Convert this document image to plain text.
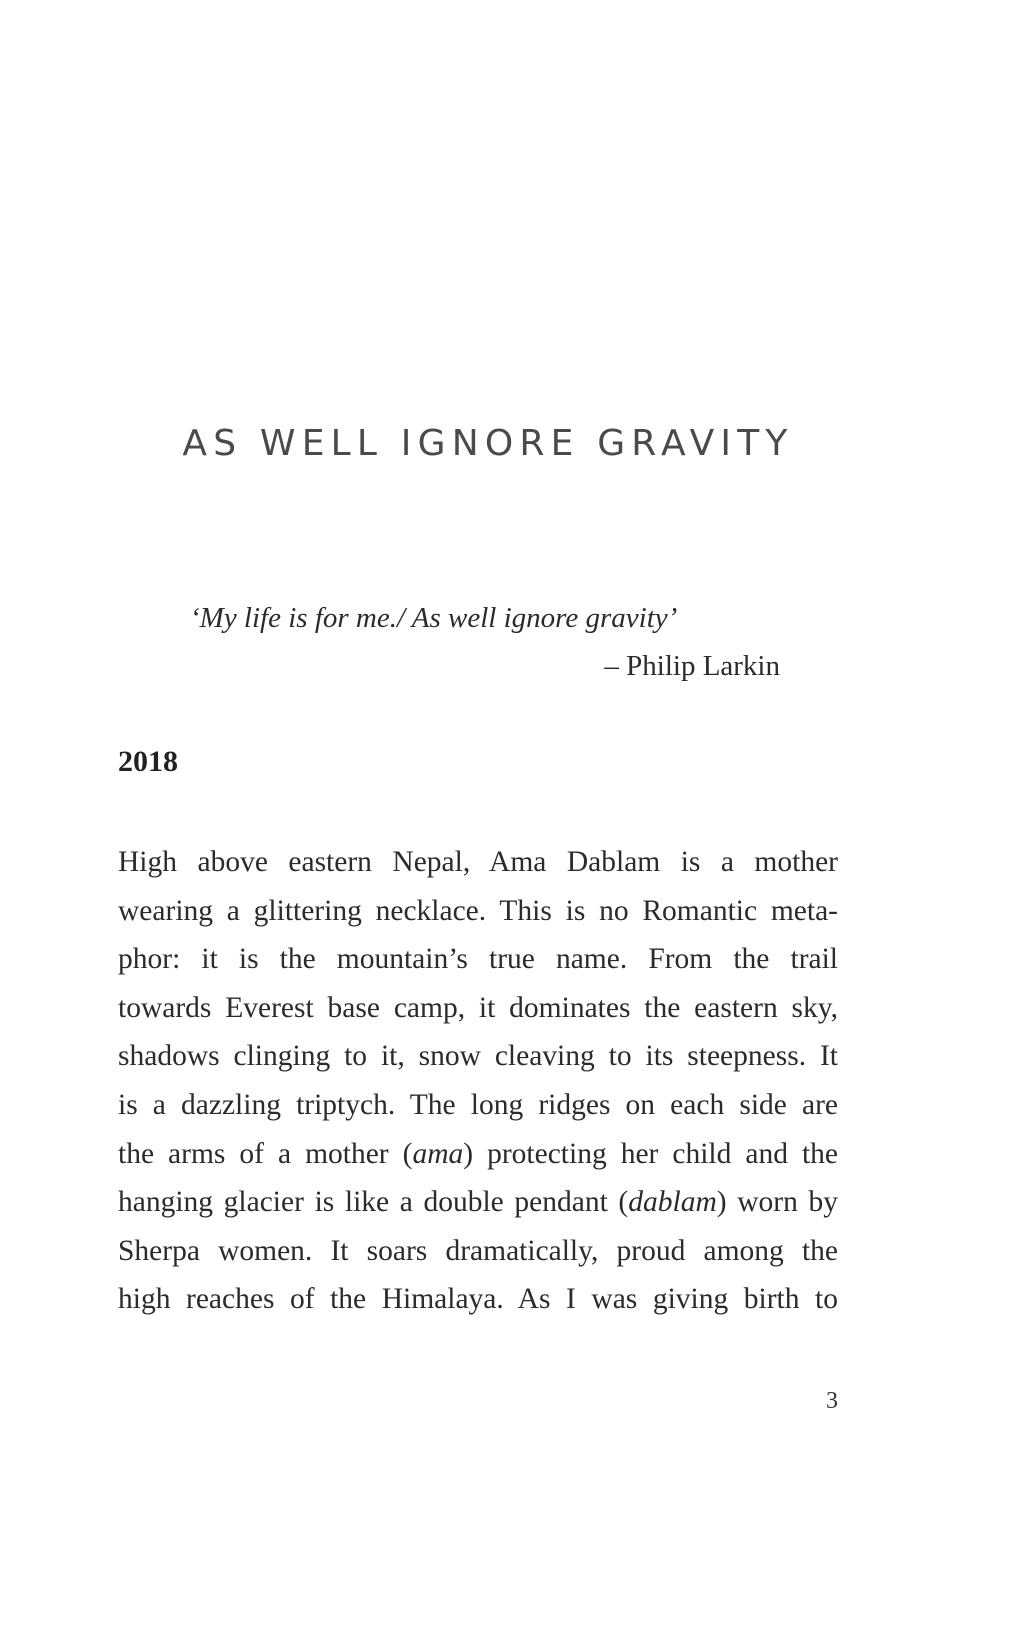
AS WELL IGNORE GRAVITY
‘My life is for me./ As well ignore gravity’
– Philip Larkin
2018
High above eastern Nepal, Ama Dablam is a mother
wearing a glittering necklace. This is no Romantic meta-
phor: it is the mountain’s true name. From the trail
towards Everest base camp, it dominates the eastern sky,
shadows clinging to it, snow cleaving to its steepness. It
is a dazzling triptych. The long ridges on each side are
the arms of a mother (ama) protecting her child and the
hanging glacier is like a double pendant (dablam) worn by
Sherpa women. It soars dramatically, proud among the
high reaches of the Himalaya. As I was giving birth to
3
